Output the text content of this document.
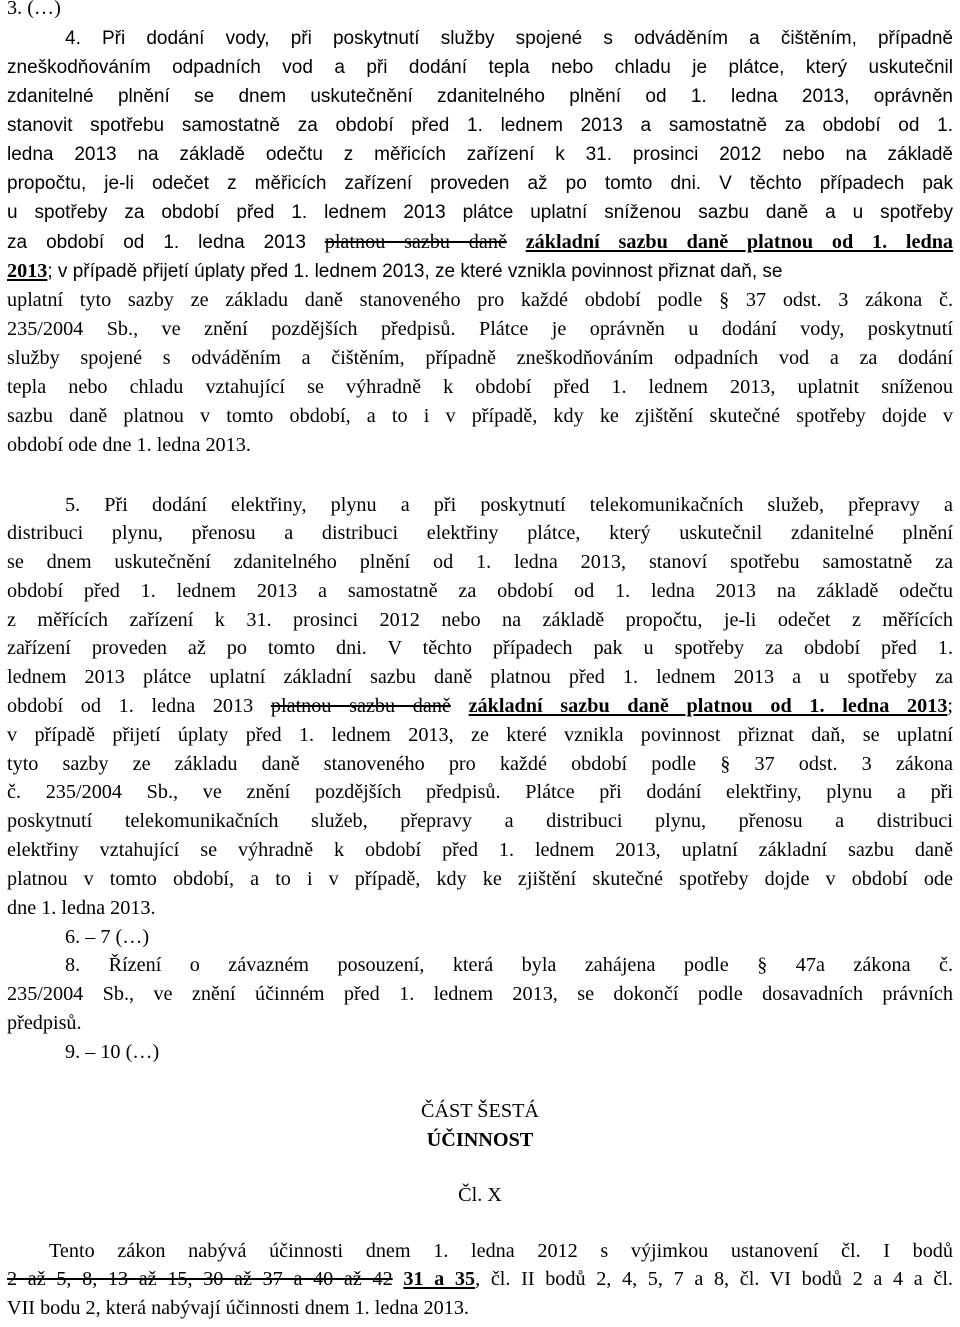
3. (…)
4. Při dodání vody, při poskytnutí služby spojené s odváděním a čištěním, případně
zneškodňováním odpadních vod a při dodání tepla nebo chladu je plátce, který uskutečnil
zdanitelné plnění se dnem uskutečnění zdanitelného plnění od 1. ledna 2013, oprávněn
stanovit spotřebu samostatně za období před 1. lednem 2013 a samostatně za období od 1.
ledna 2013 na základě odečtu z měřicích zařízení k 31. prosinci 2012 nebo na základě
propočtu, je-li odečet z měřicích zařízení proveden až po tomto dni. V těchto případech pak
u spotřeby za období před 1. lednem 2013 plátce uplatní sníženou sazbu daně a u spotřeby
za období od 1. ledna 2013 platnou sazbu daně základní sazbu daně platnou od 1. ledna
2013; v případě přijetí úplaty před 1. lednem 2013, ze které vznikla povinnost přiznat daň, se
uplatní tyto sazby ze základu daně stanoveného pro každé období podle § 37 odst. 3 zákona č.
235/2004 Sb., ve znění pozdějších předpisů. Plátce je oprávněn u dodání vody, poskytnutí
služby spojené s odváděním a čištěním, případně zneškodňováním odpadních vod a za dodání
tepla nebo chladu vztahující se výhradně k období před 1. lednem 2013, uplatnit sníženou
sazbu daně platnou v tomto období, a to i v případě, kdy ke zjištění skutečné spotřeby dojde v
období ode dne 1. ledna 2013.
5. Při dodání elektřiny, plynu a při poskytnutí telekomunikačních služeb, přepravy a
distribuci plynu, přenosu a distribuci elektřiny plátce, který uskutečnil zdanitelné plnění
se dnem uskutečnění zdanitelného plnění od 1. ledna 2013, stanoví spotřebu samostatně za
období před 1. lednem 2013 a samostatně za období od 1. ledna 2013 na základě odečtu
z měřících zařízení k 31. prosinci 2012 nebo na základě propočtu, je-li odečet z měřících
zařízení proveden až po tomto dni. V těchto případech pak u spotřeby za období před 1.
lednem 2013 plátce uplatní základní sazbu daně platnou před 1. lednem 2013 a u spotřeby za
období od 1. ledna 2013 platnou sazbu daně základní sazbu daně platnou od 1. ledna 2013;
v případě přijetí úplaty před 1. lednem 2013, ze které vznikla povinnost přiznat daň, se uplatní
tyto sazby ze základu daně stanoveného pro každé období podle § 37 odst. 3 zákona
č. 235/2004 Sb., ve znění pozdějších předpisů. Plátce při dodání elektřiny, plynu a při
poskytnutí telekomunikačních služeb, přepravy a distribuci plynu, přenosu a distribuci
elektřiny vztahující se výhradně k období před 1. lednem 2013, uplatní základní sazbu daně
platnou v tomto období, a to i v případě, kdy ke zjištění skutečné spotřeby dojde v období ode
dne 1. ledna 2013.
6. – 7 (…)
8. Řízení o závazném posouzení, která byla zahájena podle § 47a zákona č.
235/2004 Sb., ve znění účinném před 1. lednem 2013, se dokončí podle dosavadních právních
předpisů.
9. – 10 (…)
ČÁST ŠESTÁ
ÚČINNOST
Čl. X
Tento zákon nabývá účinnosti dnem 1. ledna 2012 s výjimkou ustanovení čl. I bodů
2 až 5, 8, 13 až 15, 30 až 37 a 40 až 42 31 a 35, čl. II bodů 2, 4, 5, 7 a 8, čl. VI bodů 2 a 4 a čl.
VII bodu 2, která nabývají účinnosti dnem 1. ledna 2013.
